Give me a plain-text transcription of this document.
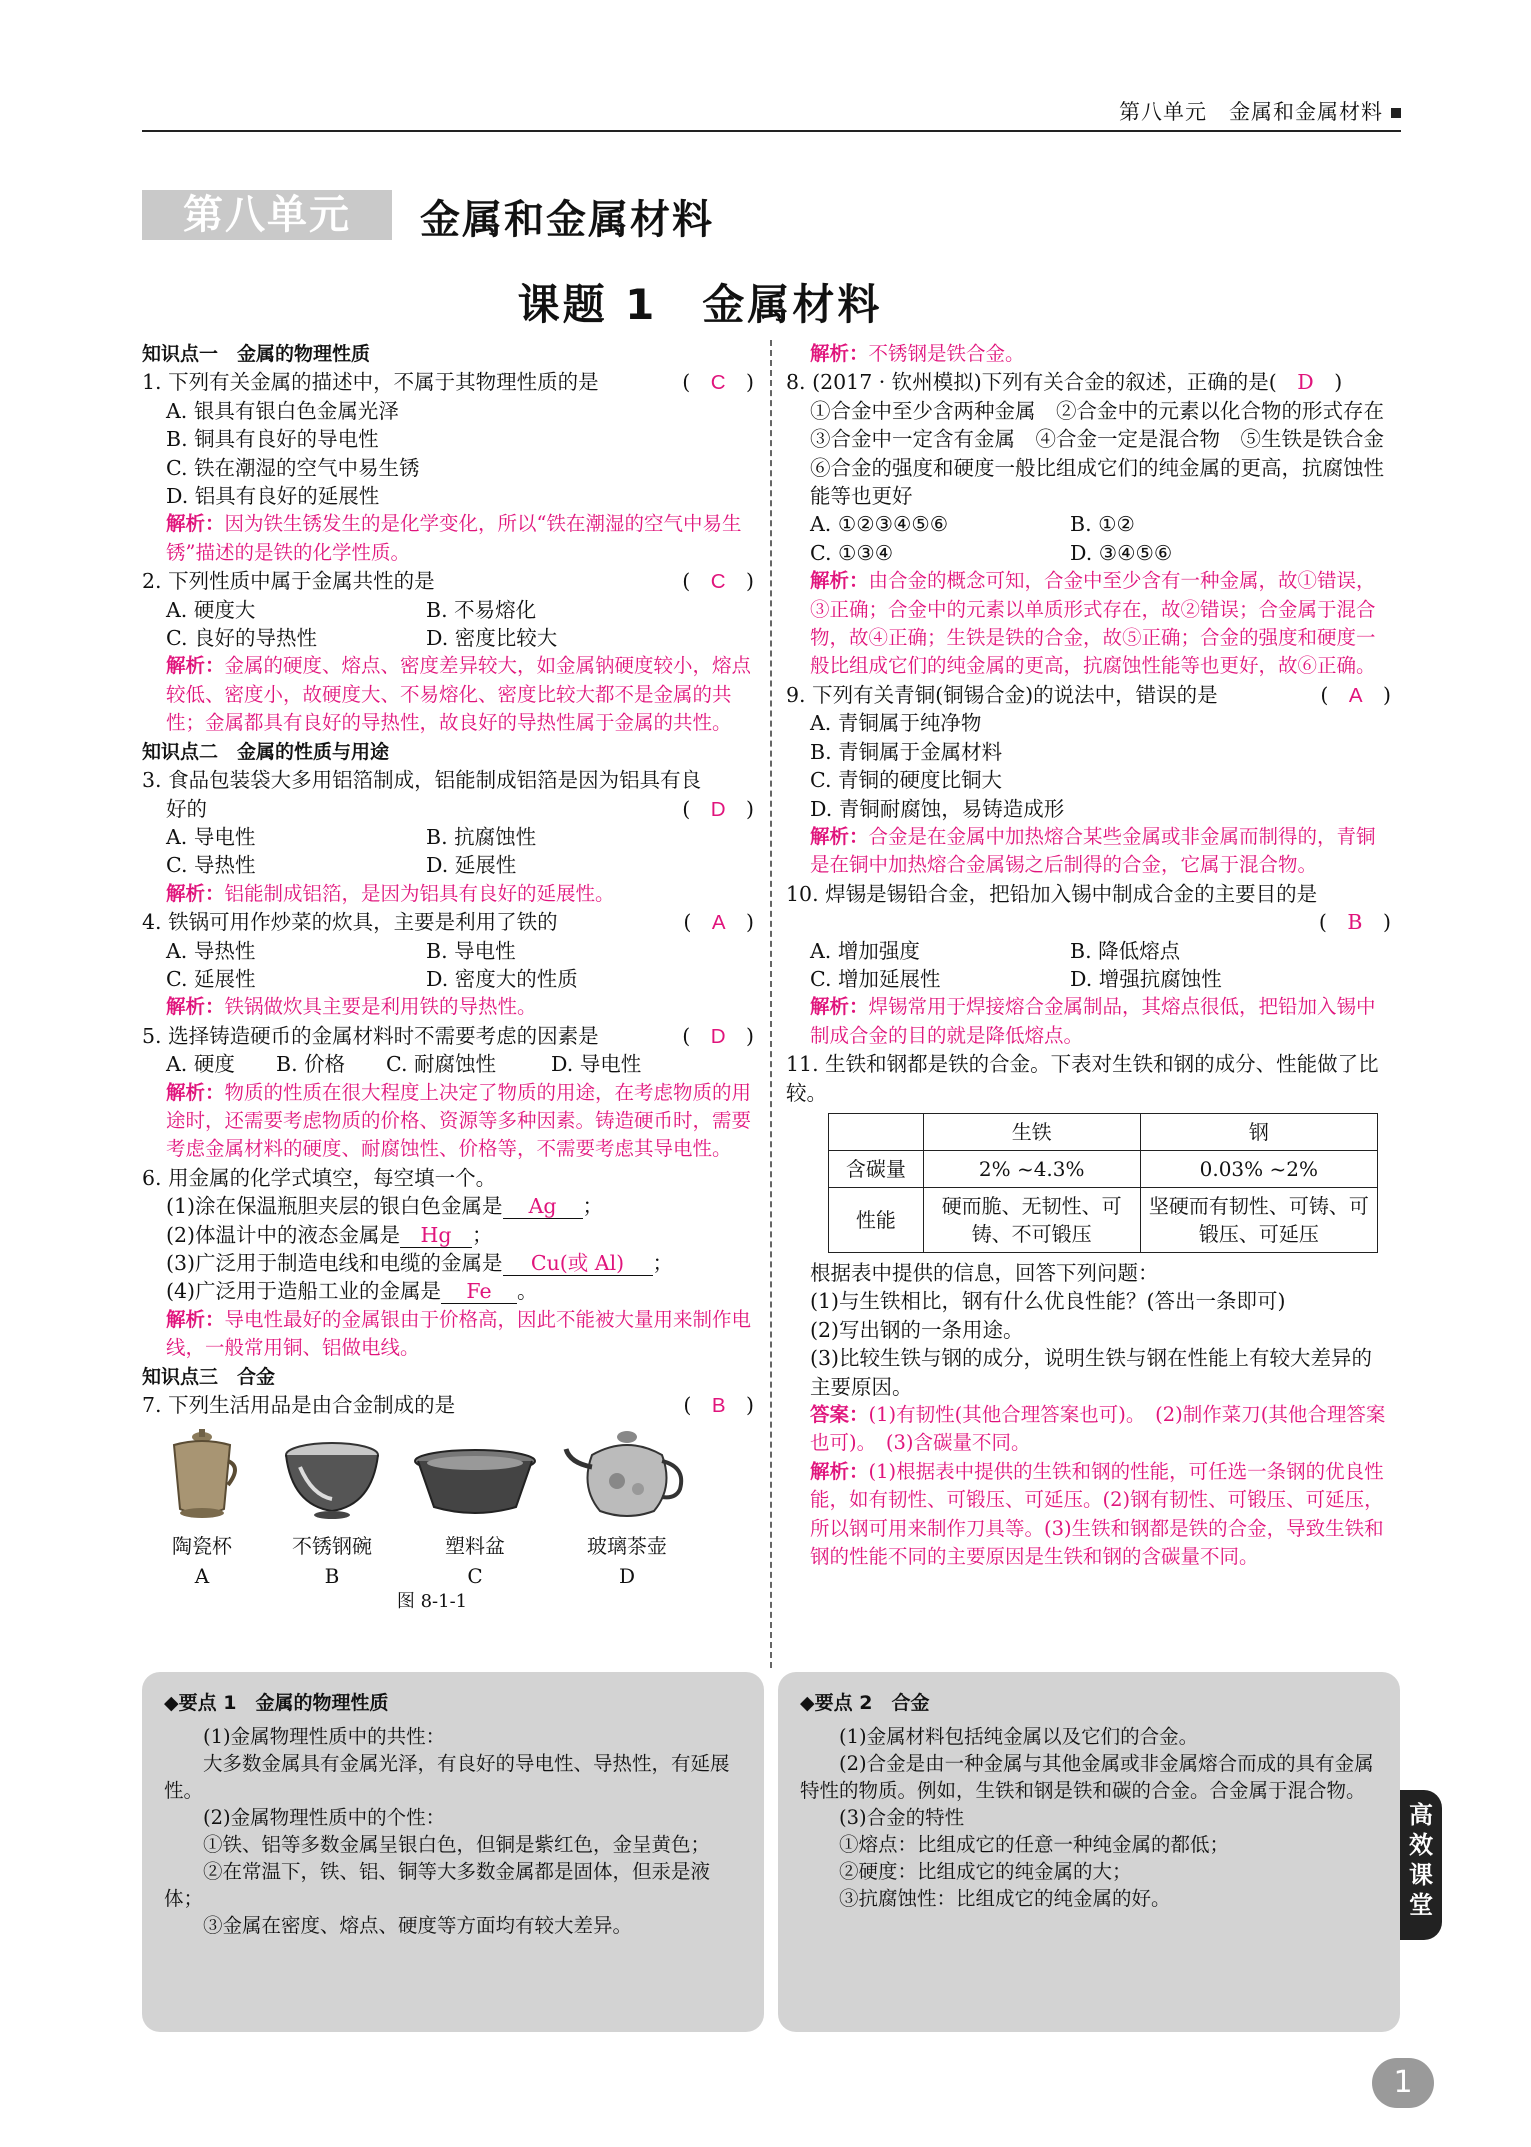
第八单元　金属和金属材料
第八单元	金属和金属材料
课题 1　金属材料
知识点一　金属的物理性质
1. 下列有关金属的描述中，不属于其物理性质的是	(　C　)
A. 银具有银白色金属光泽
B. 铜具有良好的导电性
C. 铁在潮湿的空气中易生锈
D. 铝具有良好的延展性
解析：因为铁生锈发生的是化学变化，所以“铁在潮湿的空气中易生锈”描述的是铁的化学性质。
2. 下列性质中属于金属共性的是	(　C　)
A. 硬度大	B. 不易熔化
C. 良好的导热性	D. 密度比较大
解析：金属的硬度、熔点、密度差异较大，如金属钠硬度较小，熔点较低、密度小，故硬度大、不易熔化、密度比较大都不是金属的共性；金属都具有良好的导热性，故良好的导热性属于金属的共性。
知识点二　金属的性质与用途
3. 食品包装袋大多用铝箔制成，铝能制成铝箔是因为铝具有良
好的	(　D　)
A. 导电性	B. 抗腐蚀性
C. 导热性	D. 延展性
解析：铝能制成铝箔，是因为铝具有良好的延展性。
4. 铁锅可用作炒菜的炊具，主要是利用了铁的	(　A　)
A. 导热性	B. 导电性
C. 延展性	D. 密度大的性质
解析：铁锅做炊具主要是利用铁的导热性。
5. 选择铸造硬币的金属材料时不需要考虑的因素是	(　D　)
A. 硬度 B. 价格 C. 耐腐蚀性	D. 导电性
解析：物质的性质在很大程度上决定了物质的用途，在考虑物质的用途时，还需要考虑物质的价格、资源等多种因素。铸造硬币时，需要考虑金属材料的硬度、耐腐蚀性、价格等，不需要考虑其导电性。
6. 用金属的化学式填空，每空填一个。
(1)涂在保温瓶胆夹层的银白色金属是 Ag ；
(2)体温计中的液态金属是 Hg ；
(3)广泛用于制造电线和电缆的金属是 Cu(或 Al) ；
(4)广泛用于造船工业的金属是 Fe 。
解析：导电性最好的金属银由于价格高，因此不能被大量用来制作电线，一般常用铜、铝做电线。
知识点三　合金
7. 下列生活用品是由合金制成的是	(　B　)
陶瓷杯
A
不锈钢碗
B
塑料盆
C
玻璃茶壶
D
图 8-1-1
解析：不锈钢是铁合金。
8. (2017 · 钦州模拟)下列有关合金的叙述，正确的是(　D　)
①合金中至少含两种金属　②合金中的元素以化合物的形式存在　③合金中一定含有金属　④合金一定是混合物　⑤生铁是铁合金　⑥合金的强度和硬度一般比组成它们的纯金属的更高，抗腐蚀性能等也更好
A. ①②③④⑤⑥	B. ①②
C. ①③④	D. ③④⑤⑥
解析：由合金的概念可知，合金中至少含有一种金属，故①错误，③正确；合金中的元素以单质形式存在，故②错误；合金属于混合物，故④正确；生铁是铁的合金，故⑤正确；合金的强度和硬度一般比组成它们的纯金属的更高，抗腐蚀性能等也更好，故⑥正确。
9. 下列有关青铜(铜锡合金)的说法中，错误的是	(　A　)
A. 青铜属于纯净物
B. 青铜属于金属材料
C. 青铜的硬度比铜大
D. 青铜耐腐蚀，易铸造成形
解析：合金是在金属中加热熔合某些金属或非金属而制得的，青铜是在铜中加热熔合金属锡之后制得的合金，它属于混合物。
10. 焊锡是锡铅合金，把铅加入锡中制成合金的主要目的是
(　B　)
A. 增加强度	B. 降低熔点
C. 增加延展性	D. 增强抗腐蚀性
解析：焊锡常用于焊接熔合金属制品，其熔点很低，把铅加入锡中制成合金的目的就是降低熔点。
11. 生铁和钢都是铁的合金。下表对生铁和钢的成分、性能做了比较。
	生铁	钢
含碳量	2% ~4.3%	0.03% ~2%
性能	硬而脆、无韧性、可铸、不可锻压	坚硬而有韧性、可铸、可锻压、可延压
根据表中提供的信息，回答下列问题：
(1)与生铁相比，钢有什么优良性能？(答出一条即可)
(2)写出钢的一条用途。
(3)比较生铁与钢的成分，说明生铁与钢在性能上有较大差异的主要原因。
答案：(1)有韧性(其他合理答案也可)。　(2)制作菜刀(其他合理答案也可)。　(3)含碳量不同。
解析：(1)根据表中提供的生铁和钢的性能，可任选一条钢的优良性能，如有韧性、可锻压、可延压。(2)钢有韧性、可锻压、可延压，所以钢可用来制作刀具等。(3)生铁和钢都是铁的合金，导致生铁和钢的性能不同的主要原因是生铁和钢的含碳量不同。
◆要点 1　金属的物理性质

(1)金属物理性质中的共性：

大多数金属具有金属光泽，有良好的导电性、导热性，有延展性。

(2)金属物理性质中的个性：

①铁、铝等多数金属呈银白色，但铜是紫红色，金呈黄色；

②在常温下，铁、铝、铜等大多数金属都是固体，但汞是液体；

③金属在密度、熔点、硬度等方面均有较大差异。

◆要点 2　合金

(1)金属材料包括纯金属以及它们的合金。

(2)合金是由一种金属与其他金属或非金属熔合而成的具有金属特性的物质。例如，生铁和钢是铁和碳的合金。合金属于混合物。

(3)合金的特性

①熔点：比组成它的任意一种纯金属的都低；

②硬度：比组成它的纯金属的大；

③抗腐蚀性：比组成它的纯金属的好。

高
效
课
堂
1
